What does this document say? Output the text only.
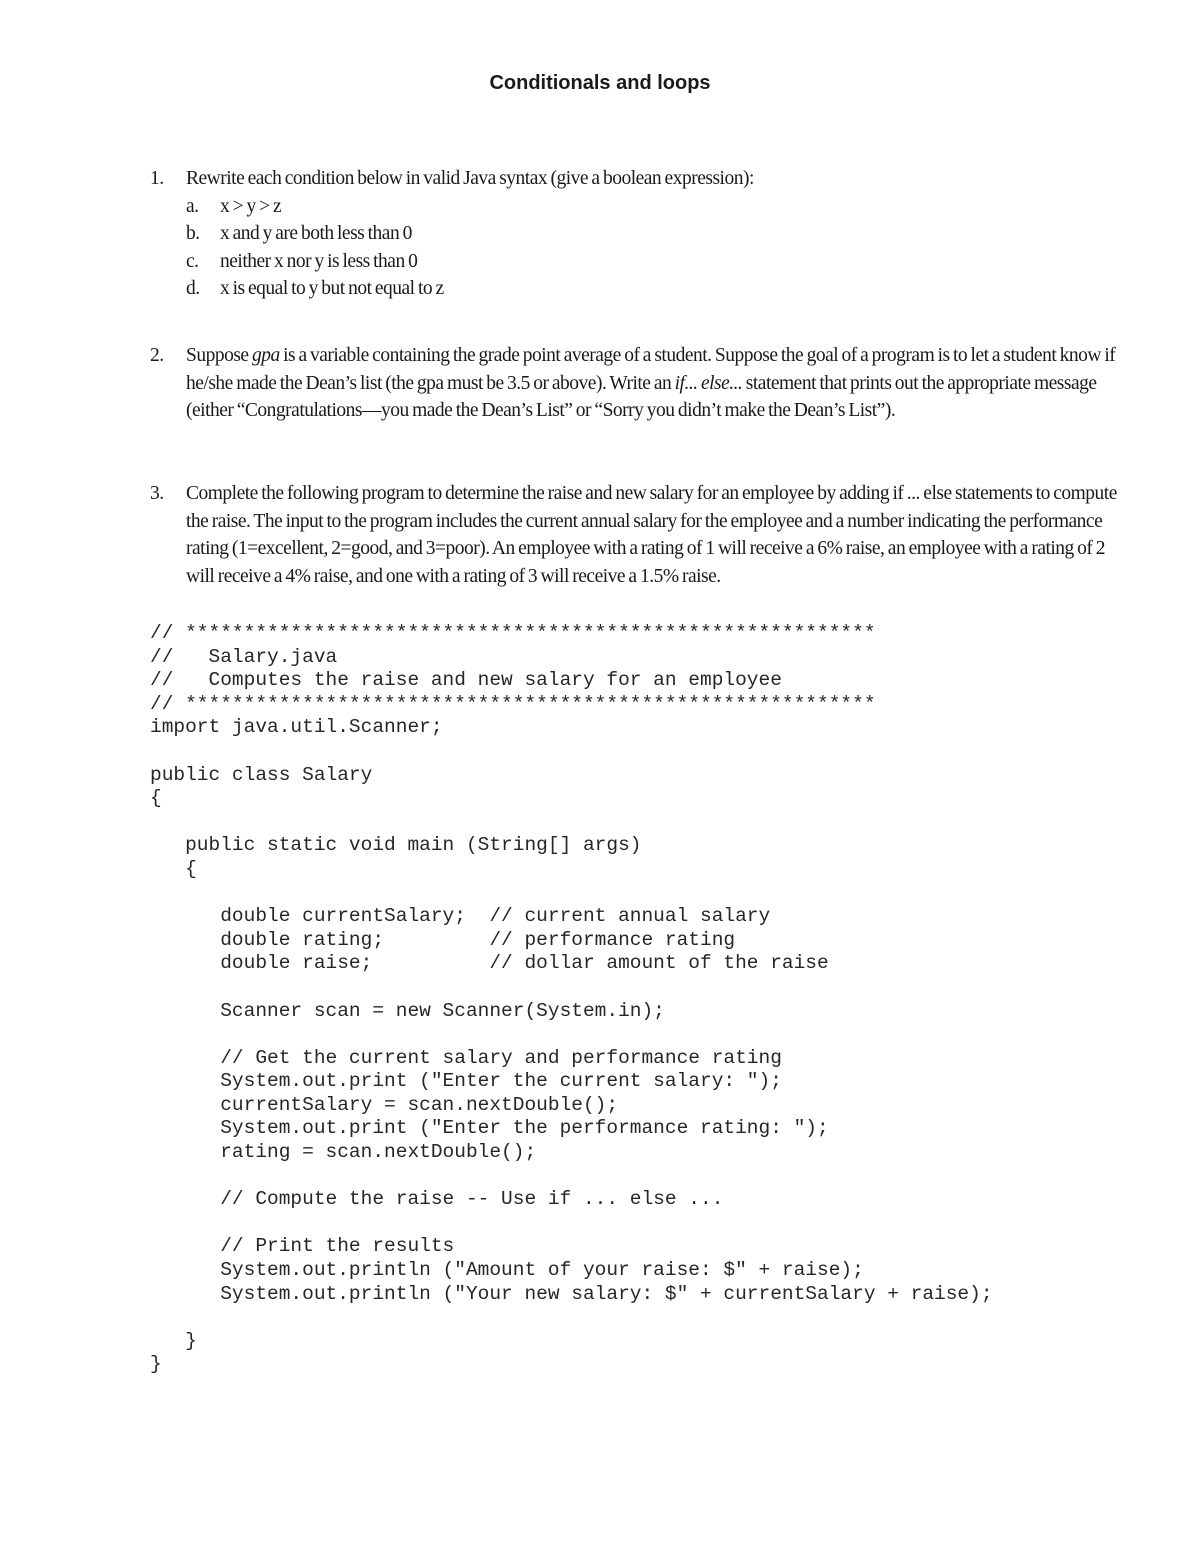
Conditionals and loops
1. Rewrite each condition below in valid Java syntax (give a boolean expression):
a. x > y > z
b. x and y are both less than 0
c. neither x nor y is less than 0
d. x is equal to y but not equal to z
2. Suppose gpa is a variable containing the grade point average of a student. Suppose the goal of a program is to let a student know if he/she made the Dean’s list (the gpa must be 3.5 or above). Write an if... else... statement that prints out the appropriate message (either “Congratulations—you made the Dean’s List” or “Sorry you didn’t make the Dean’s List”).
3. Complete the following program to determine the raise and new salary for an employee by adding if ... else statements to compute the raise. The input to the program includes the current annual salary for the employee and a number indicating the performance rating (1=excellent, 2=good, and 3=poor). An employee with a rating of 1 will receive a 6% raise, an employee with a rating of 2 will receive a 4% raise, and one with a rating of 3 will receive a 1.5% raise.
// ***********************************************************
//   Salary.java
//   Computes the raise and new salary for an employee
// ***********************************************************
import java.util.Scanner;
public class Salary
{
public static void main (String[] args)
{
double currentSalary;  // current annual salary
double rating;         // performance rating
double raise;          // dollar amount of the raise
Scanner scan = new Scanner(System.in);
// Get the current salary and performance rating
System.out.print ("Enter the current salary: ");
currentSalary = scan.nextDouble();
System.out.print ("Enter the performance rating: ");
rating = scan.nextDouble();
// Compute the raise -- Use if ... else ...
// Print the results
System.out.println ("Amount of your raise: $" + raise);
System.out.println ("Your new salary: $" + currentSalary + raise);
}
}
